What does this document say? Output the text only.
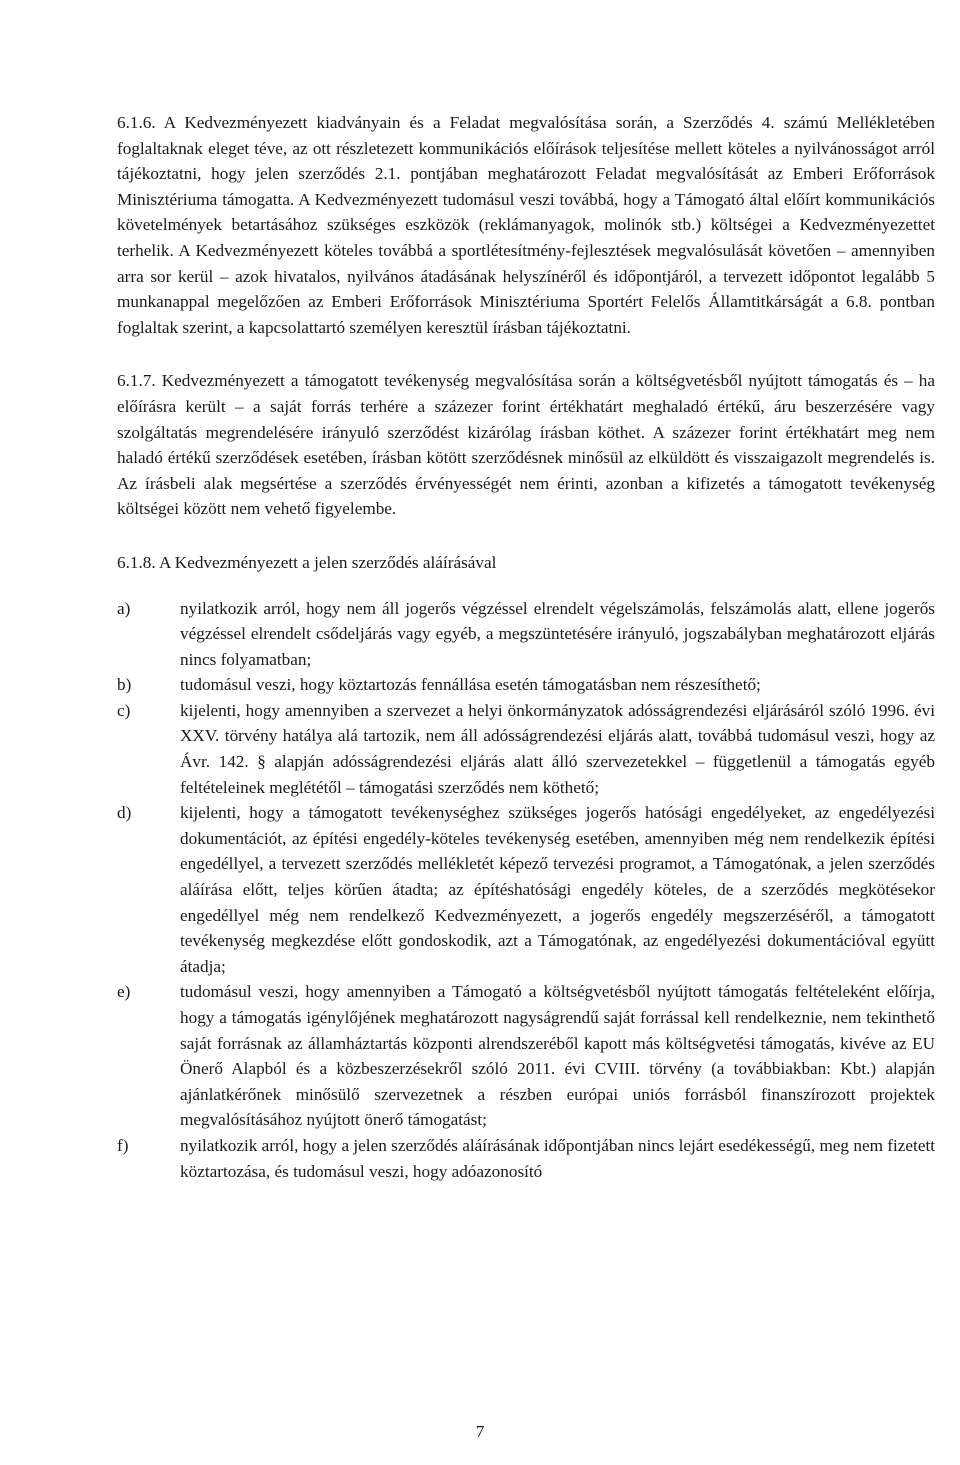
6.1.6. A Kedvezményezett kiadványain és a Feladat megvalósítása során, a Szerződés 4. számú Mellékletében foglaltaknak eleget téve, az ott részletezett kommunikációs előírások teljesítése mellett köteles a nyilvánosságot arról tájékoztatni, hogy jelen szerződés 2.1. pontjában meghatározott Feladat megvalósítását az Emberi Erőforrások Minisztériuma támogatta. A Kedvezményezett tudomásul veszi továbbá, hogy a Támogató által előírt kommunikációs követelmények betartásához szükséges eszközök (reklámanyagok, molinók stb.) költségei a Kedvezményezettet terhelik. A Kedvezményezett köteles továbbá a sportlétesítmény-fejlesztések megvalósulását követően – amennyiben arra sor kerül – azok hivatalos, nyilvános átadásának helyszínéről és időpontjáról, a tervezett időpontot legalább 5 munkanappal megelőzően az Emberi Erőforrások Minisztériuma Sportért Felelős Államtitkárságát a 6.8. pontban foglaltak szerint, a kapcsolattartó személyen keresztül írásban tájékoztatni.

6.1.7. Kedvezményezett a támogatott tevékenység megvalósítása során a költségvetésből nyújtott támogatás és – ha előírásra került – a saját forrás terhére a százezer forint értékhatárt meghaladó értékű, áru beszerzésére vagy szolgáltatás megrendelésére irányuló szerződést kizárólag írásban köthet. A százezer forint értékhatárt meg nem haladó értékű szerződések esetében, írásban kötött szerződésnek minősül az elküldött és visszaigazolt megrendelés is. Az írásbeli alak megsértése a szerződés érvényességét nem érinti, azonban a kifizetés a támogatott tevékenység költségei között nem vehető figyelembe.

6.1.8. A Kedvezményezett a jelen szerződés aláírásával

a)	nyilatkozik arról, hogy nem áll jogerős végzéssel elrendelt végelszámolás, felszámolás alatt, ellene jogerős végzéssel elrendelt csődeljárás vagy egyéb, a megszüntetésére irányuló, jogszabályban meghatározott eljárás nincs folyamatban;
b)	tudomásul veszi, hogy köztartozás fennállása esetén támogatásban nem részesíthető;
c)	kijelenti, hogy amennyiben a szervezet a helyi önkormányzatok adósságrendezési eljárásáról szóló 1996. évi XXV. törvény hatálya alá tartozik, nem áll adósságrendezési eljárás alatt, továbbá tudomásul veszi, hogy az Ávr. 142. § alapján adósságrendezési eljárás alatt álló szervezetekkel – függetlenül a támogatás egyéb feltételeinek meglététől – támogatási szerződés nem köthető;
d)	kijelenti, hogy a támogatott tevékenységhez szükséges jogerős hatósági engedélyeket, az engedélyezési dokumentációt, az építési engedély-köteles tevékenység esetében, amennyiben még nem rendelkezik építési engedéllyel, a tervezett szerződés mellékletét képező tervezési programot, a Támogatónak, a jelen szerződés aláírása előtt, teljes körűen átadta; az építéshatósági engedély köteles, de a szerződés megkötésekor engedéllyel még nem rendelkező Kedvezményezett, a jogerős engedély megszerzéséről, a támogatott tevékenység megkezdése előtt gondoskodik, azt a Támogatónak, az engedélyezési dokumentációval együtt átadja;
e)	tudomásul veszi, hogy amennyiben a Támogató a költségvetésből nyújtott támogatás feltételeként előírja, hogy a támogatás igénylőjének meghatározott nagyságrendű saját forrással kell rendelkeznie, nem tekinthető saját forrásnak az államháztartás központi alrendszeréből kapott más költségvetési támogatás, kivéve az EU Önerő Alapból és a közbeszerzésekről szóló 2011. évi CVIII. törvény (a továbbiakban: Kbt.) alapján ajánlatkérőnek minősülő szervezetnek a részben európai uniós forrásból finanszírozott projektek megvalósításához nyújtott önerő támogatást;
f)	nyilatkozik arról, hogy a jelen szerződés aláírásának időpontjában nincs lejárt esedékességű, meg nem fizetett köztartozása, és tudomásul veszi, hogy adóazonosító
7
